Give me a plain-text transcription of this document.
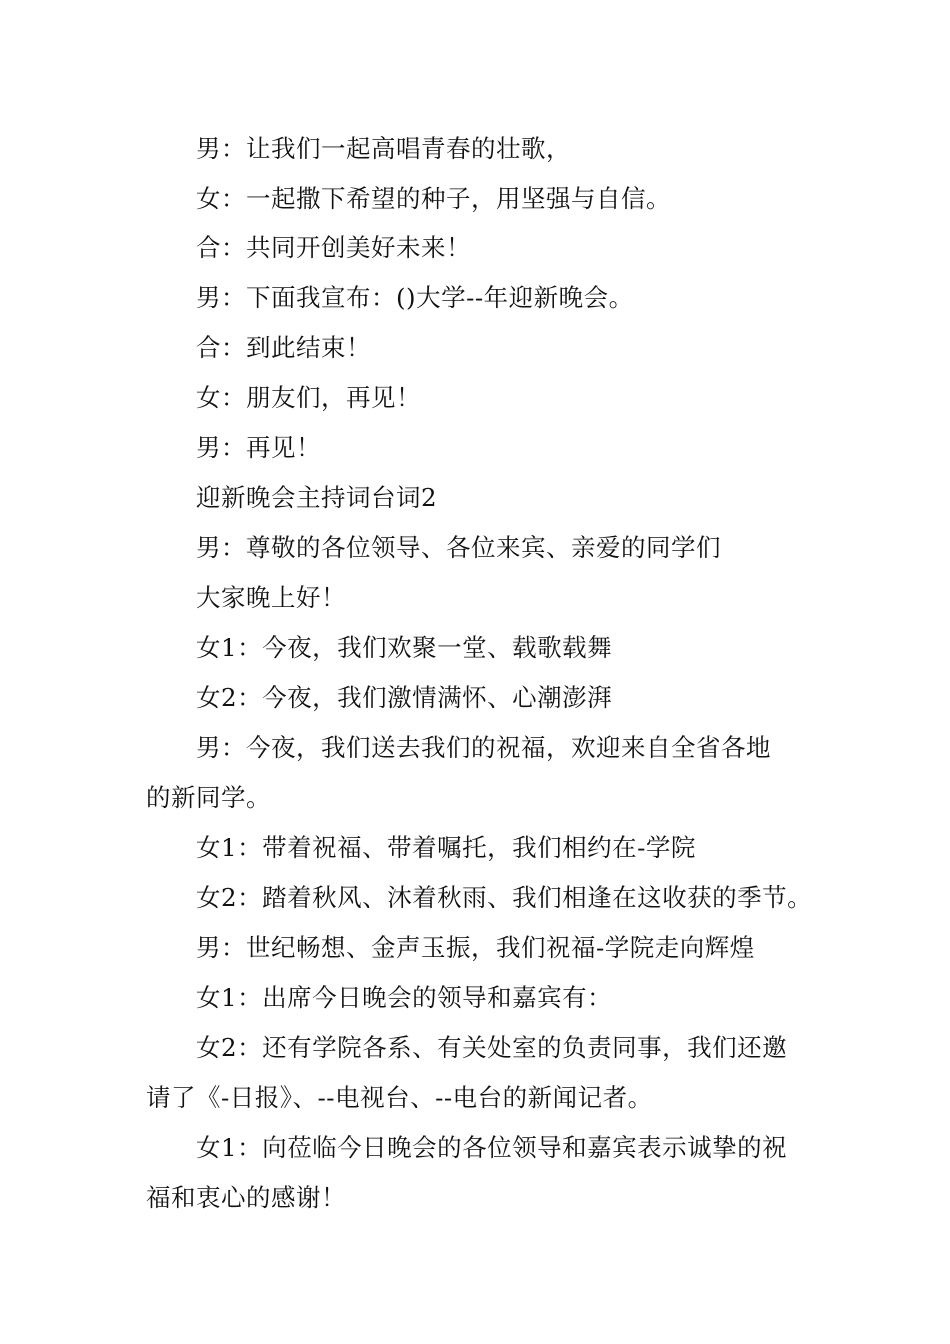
男：让我们一起高唱青春的壮歌，
女：一起撒下希望的种子，用坚强与自信。
合：共同开创美好未来！
男：下面我宣布：()大学--年迎新晚会。
合：到此结束！
女：朋友们，再见！
男：再见！
迎新晚会主持词台词2
男：尊敬的各位领导、各位来宾、亲爱的同学们
大家晚上好！
女1：今夜，我们欢聚一堂、载歌载舞
女2：今夜，我们激情满怀、心潮澎湃
男：今夜，我们送去我们的祝福，欢迎来自全省各地
的新同学。
女1：带着祝福、带着嘱托，我们相约在-学院
女2：踏着秋风、沐着秋雨、我们相逢在这收获的季节。
男：世纪畅想、金声玉振，我们祝福-学院走向辉煌
女1：出席今日晚会的领导和嘉宾有：
女2：还有学院各系、有关处室的负责同事，我们还邀
请了《-日报》、--电视台、--电台的新闻记者。
女1：向莅临今日晚会的各位领导和嘉宾表示诚挚的祝
福和衷心的感谢！
